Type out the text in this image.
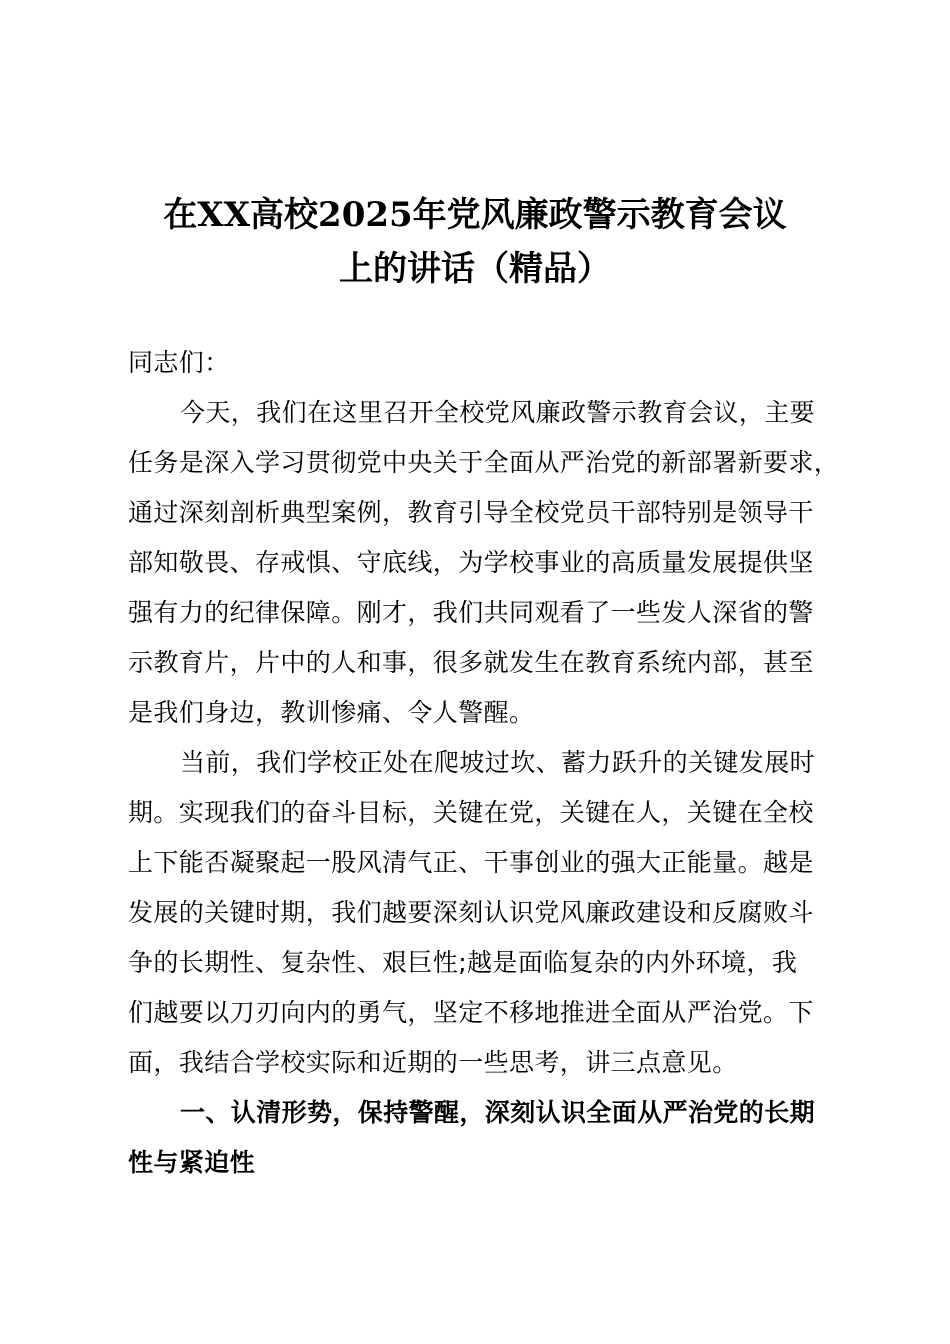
在XX高校2025年党风廉政警示教育会议
上的讲话（精品）
同志们：
今天，我们在这里召开全校党风廉政警示教育会议，主要
任务是深入学习贯彻党中央关于全面从严治党的新部署新要求，
通过深刻剖析典型案例，教育引导全校党员干部特别是领导干
部知敬畏、存戒惧、守底线，为学校事业的高质量发展提供坚
强有力的纪律保障。刚才，我们共同观看了一些发人深省的警
示教育片，片中的人和事，很多就发生在教育系统内部，甚至
是我们身边，教训惨痛、令人警醒。
当前，我们学校正处在爬坡过坎、蓄力跃升的关键发展时
期。实现我们的奋斗目标，关键在党，关键在人，关键在全校
上下能否凝聚起一股风清气正、干事创业的强大正能量。越是
发展的关键时期，我们越要深刻认识党风廉政建设和反腐败斗
争的长期性、复杂性、艰巨性;越是面临复杂的内外环境，我
们越要以刀刃向内的勇气，坚定不移地推进全面从严治党。下
面，我结合学校实际和近期的一些思考，讲三点意见。
一、认清形势，保持警醒，深刻认识全面从严治党的长期
性与紧迫性
